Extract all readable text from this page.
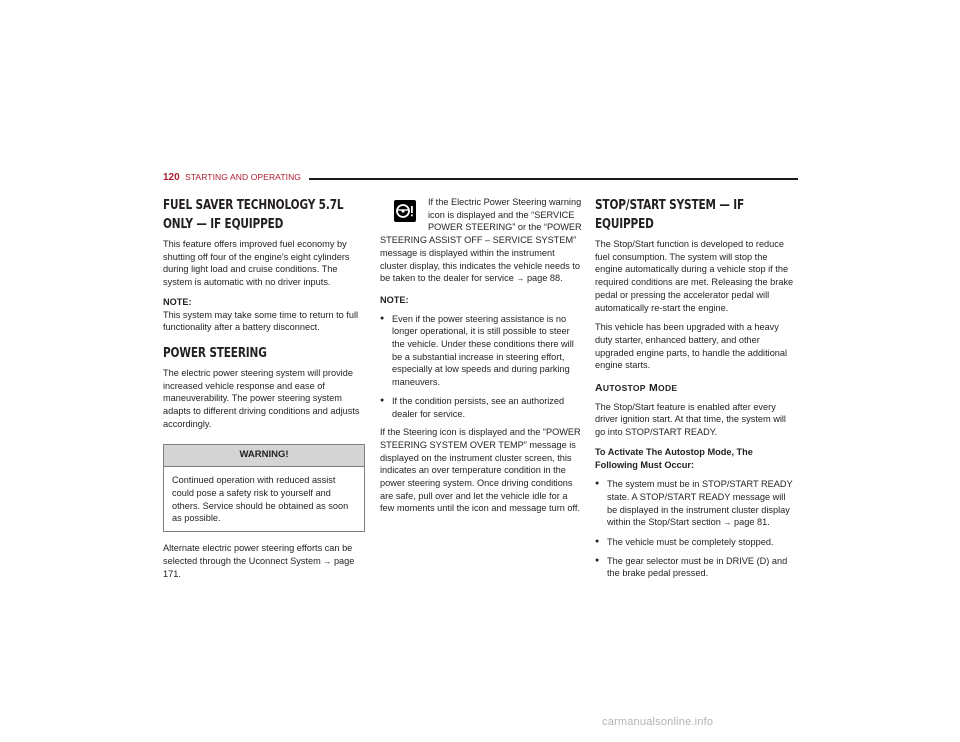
120 STARTING AND OPERATING
FUEL SAVER TECHNOLOGY 5.7L ONLY — IF EQUIPPED

This feature offers improved fuel economy by shutting off four of the engine's eight cylinders during light load and cruise conditions. The system is automatic with no driver inputs.

NOTE:

This system may take some time to return to full functionality after a battery disconnect.

POWER STEERING

The electric power steering system will provide increased vehicle response and ease of maneuverability. The power steering system adapts to different driving conditions and adjusts accordingly.

WARNING!
Continued operation with reduced assist could pose a safety risk to yourself and others. Service should be obtained as soon as possible.

Alternate electric power steering efforts can be selected through the Uconnect System → page 171.

If the Electric Power Steering warning icon is displayed and the “SERVICE POWER STEERING” or the “POWER STEERING ASSIST OFF – SERVICE SYSTEM” message is displayed within the instrument cluster display, this indicates the vehicle needs to be taken to the dealer for service → page 88.

NOTE:

● Even if the power steering assistance is no longer operational, it is still possible to steer the vehicle. Under these conditions there will be a substantial increase in steering effort, especially at low speeds and during parking maneuvers.
● If the condition persists, see an authorized dealer for service.

If the Steering icon is displayed and the “POWER STEERING SYSTEM OVER TEMP” message is displayed on the instrument cluster screen, this indicates an over temperature condition in the power steering system. Once driving conditions are safe, pull over and let the vehicle idle for a few moments until the icon and message turn off.

STOP/START SYSTEM — IF EQUIPPED

The Stop/Start function is developed to reduce fuel consumption. The system will stop the engine automatically during a vehicle stop if the required conditions are met. Releasing the brake pedal or pressing the accelerator pedal will automatically re-start the engine.

This vehicle has been upgraded with a heavy duty starter, enhanced battery, and other upgraded engine parts, to handle the additional engine starts.

AUTOSTOP MODE

The Stop/Start feature is enabled after every driver ignition start. At that time, the system will go into STOP/START READY.

To Activate The Autostop Mode, The Following Must Occur:

● The system must be in STOP/START READY state. A STOP/START READY message will be displayed in the instrument cluster display within the Stop/Start section → page 81.
● The vehicle must be completely stopped.
● The gear selector must be in DRIVE (D) and the brake pedal pressed.
carmanualsonline.info
